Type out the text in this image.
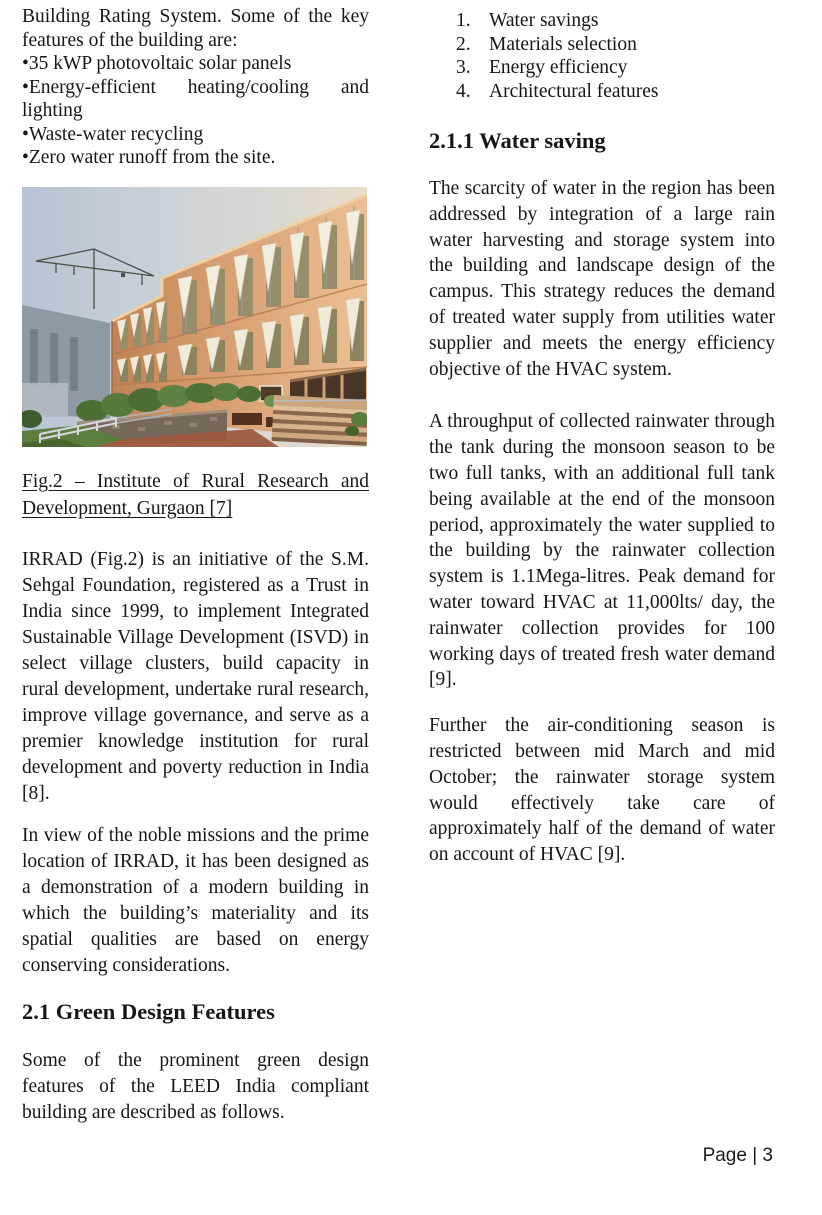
Building Rating System. Some of the key features of the building are:

•35 kWP photovoltaic solar panels

•Energy-efficient heating/cooling and lighting

•Waste-water recycling

•Zero water runoff from the site.

Fig.2 – Institute of Rural Research and Development, Gurgaon [7]

IRRAD (Fig.2) is an initiative of the S.M. Sehgal Foundation, registered as a Trust in India since 1999, to implement Integrated Sustainable Village Development (ISVD) in select village clusters, build capacity in rural development, undertake rural research, improve village governance, and serve as a premier knowledge institution for rural development and poverty reduction in India [8].

In view of the noble missions and the prime location of IRRAD, it has been designed as a demonstration of a modern building in which the building’s materiality and its spatial qualities are based on energy conserving considerations.

2.1 Green Design Features

Some of the prominent green design features of the LEED India compliant building are described as follows.

1. Water savings
2. Materials selection
3. Energy efficiency
4. Architectural features
2.1.1 Water saving

The scarcity of water in the region has been addressed by integration of a large rain water harvesting and storage system into the building and landscape design of the campus. This strategy reduces the demand of treated water supply from utilities water supplier and meets the energy efficiency objective of the HVAC system.

A throughput of collected rainwater through the tank during the monsoon season to be two full tanks, with an additional full tank being available at the end of the monsoon period, approximately the water supplied to the building by the rainwater collection system is 1.1Mega-litres. Peak demand for water toward HVAC at 11,000lts/ day, the rainwater collection provides for 100 working days of treated fresh water demand [9].

Further the air-conditioning season is restricted between mid March and mid October; the rainwater storage system would effectively take care of approximately half of the demand of water on account of HVAC [9].

Page | 3
